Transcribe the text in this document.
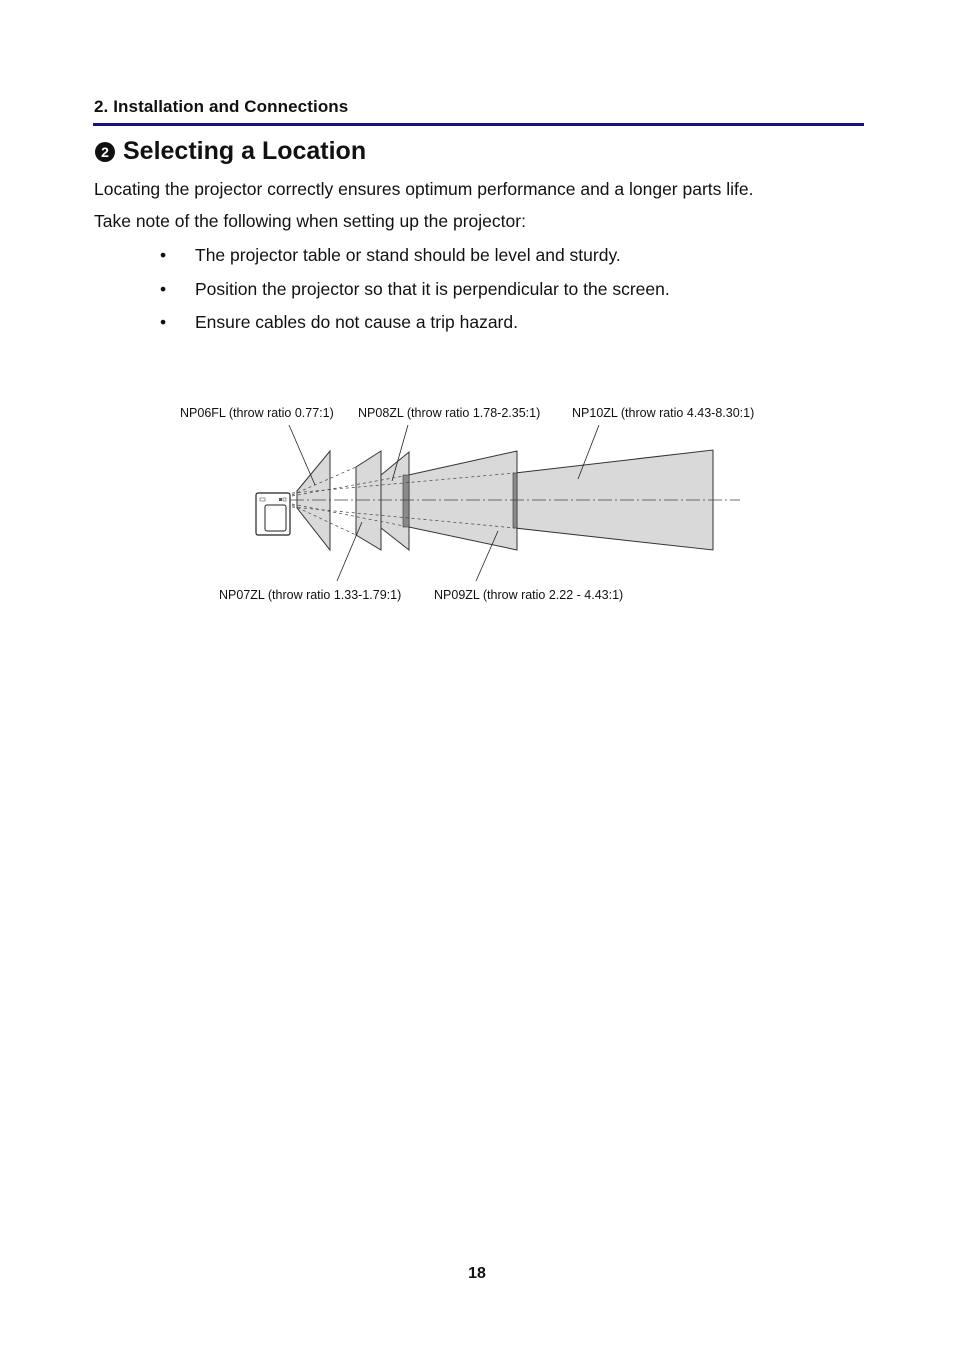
2. Installation and Connections
2 Selecting a Location
Locating the projector correctly ensures optimum performance and a longer parts life.
Take note of the following when setting up the projector:
•	The projector table or stand should be level and sturdy.
•	Position the projector so that it is perpendicular to the screen.
•	Ensure cables do not cause a trip hazard.
NP06FL (throw ratio 0.77:1) NP08ZL (throw ratio 1.78-2.35:1)	NP10ZL (throw ratio 4.43-8.30:1)
NP07ZL (throw ratio 1.33-1.79:1)	NP09ZL (throw ratio 2.22 - 4.43:1)
18
